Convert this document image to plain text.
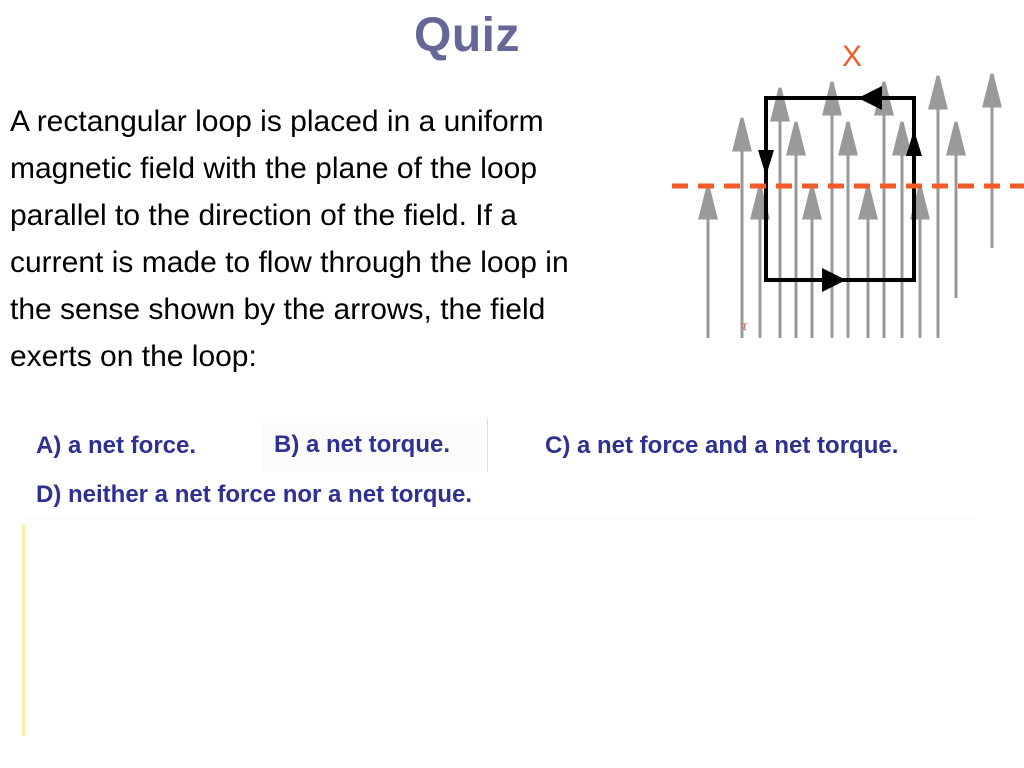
Quiz
A rectangular loop is placed in a uniform
magnetic field with the plane of the loop
parallel to the direction of the field. If a
current is made to flow through the loop in
the sense shown by the arrows, the field
exerts on the loop:
X
τ
A) a net force.	B) a net torque.	C) a net force and a net torque.
D) neither a net force nor a net torque.
